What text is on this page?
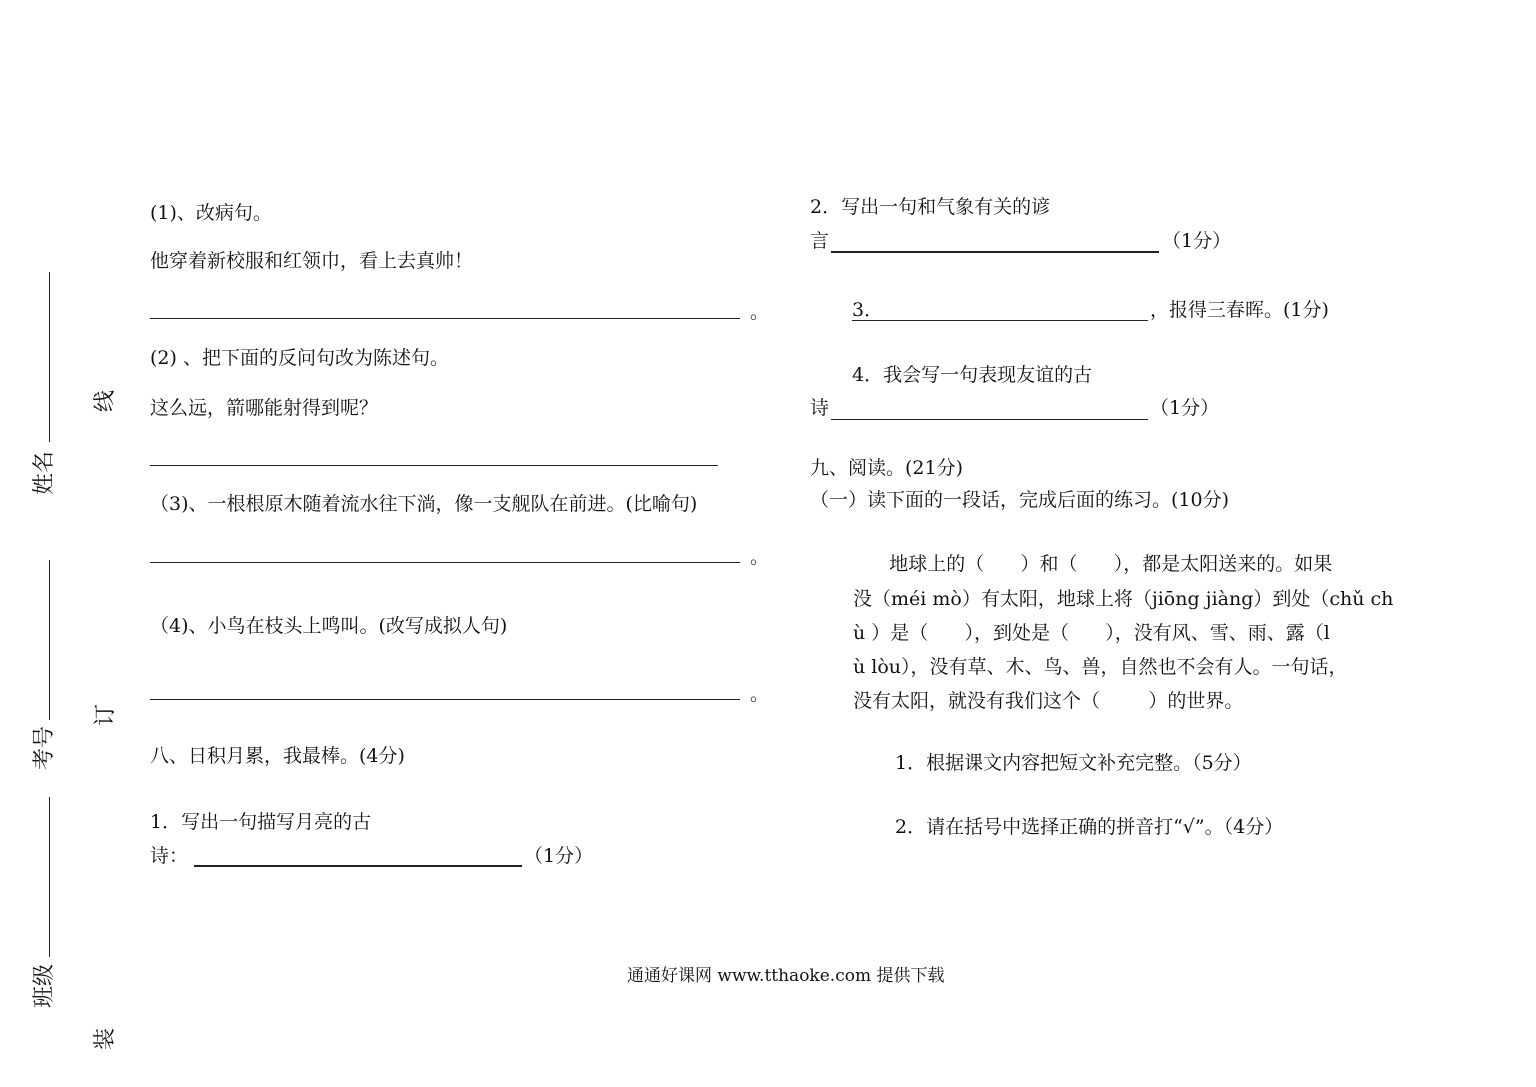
姓名
考号
班级
线
订
装
(1)、改病句。
他穿着新校服和红领巾，看上去真帅！
。
(2) 、把下面的反问句改为陈述句。
这么远，箭哪能射得到呢？
（3)、一根根原木随着流水往下淌，像一支舰队在前进。(比喻句)
。
（4)、小鸟在枝头上鸣叫。(改写成拟人句)
。
八、日积月累，我最棒。(4分)
1．写出一句描写月亮的古
诗：	（1分）
2．写出一句和气象有关的谚
言	（1分）
3．	，报得三春晖。(1分)
4．我会写一句表现友谊的古
诗	（1分）
九、阅读。(21分)
（一）读下面的一段话，完成后面的练习。(10分)
地球上的（      ）和（      ），都是太阳送来的。如果
没（méi mò）有太阳，地球上将（jiōng jiàng）到处（chǔ ch
ù ）是（      ），到处是（      ），没有风、雪、雨、露（l
ù lòu），没有草、木、鸟、兽，自然也不会有人。一句话，
没有太阳，就没有我们这个（        ）的世界。
1．根据课文内容把短文补充完整。（5分）
2．请在括号中选择正确的拼音打“√”。（4分）
通通好课网 www.tthaoke.com 提供下载
